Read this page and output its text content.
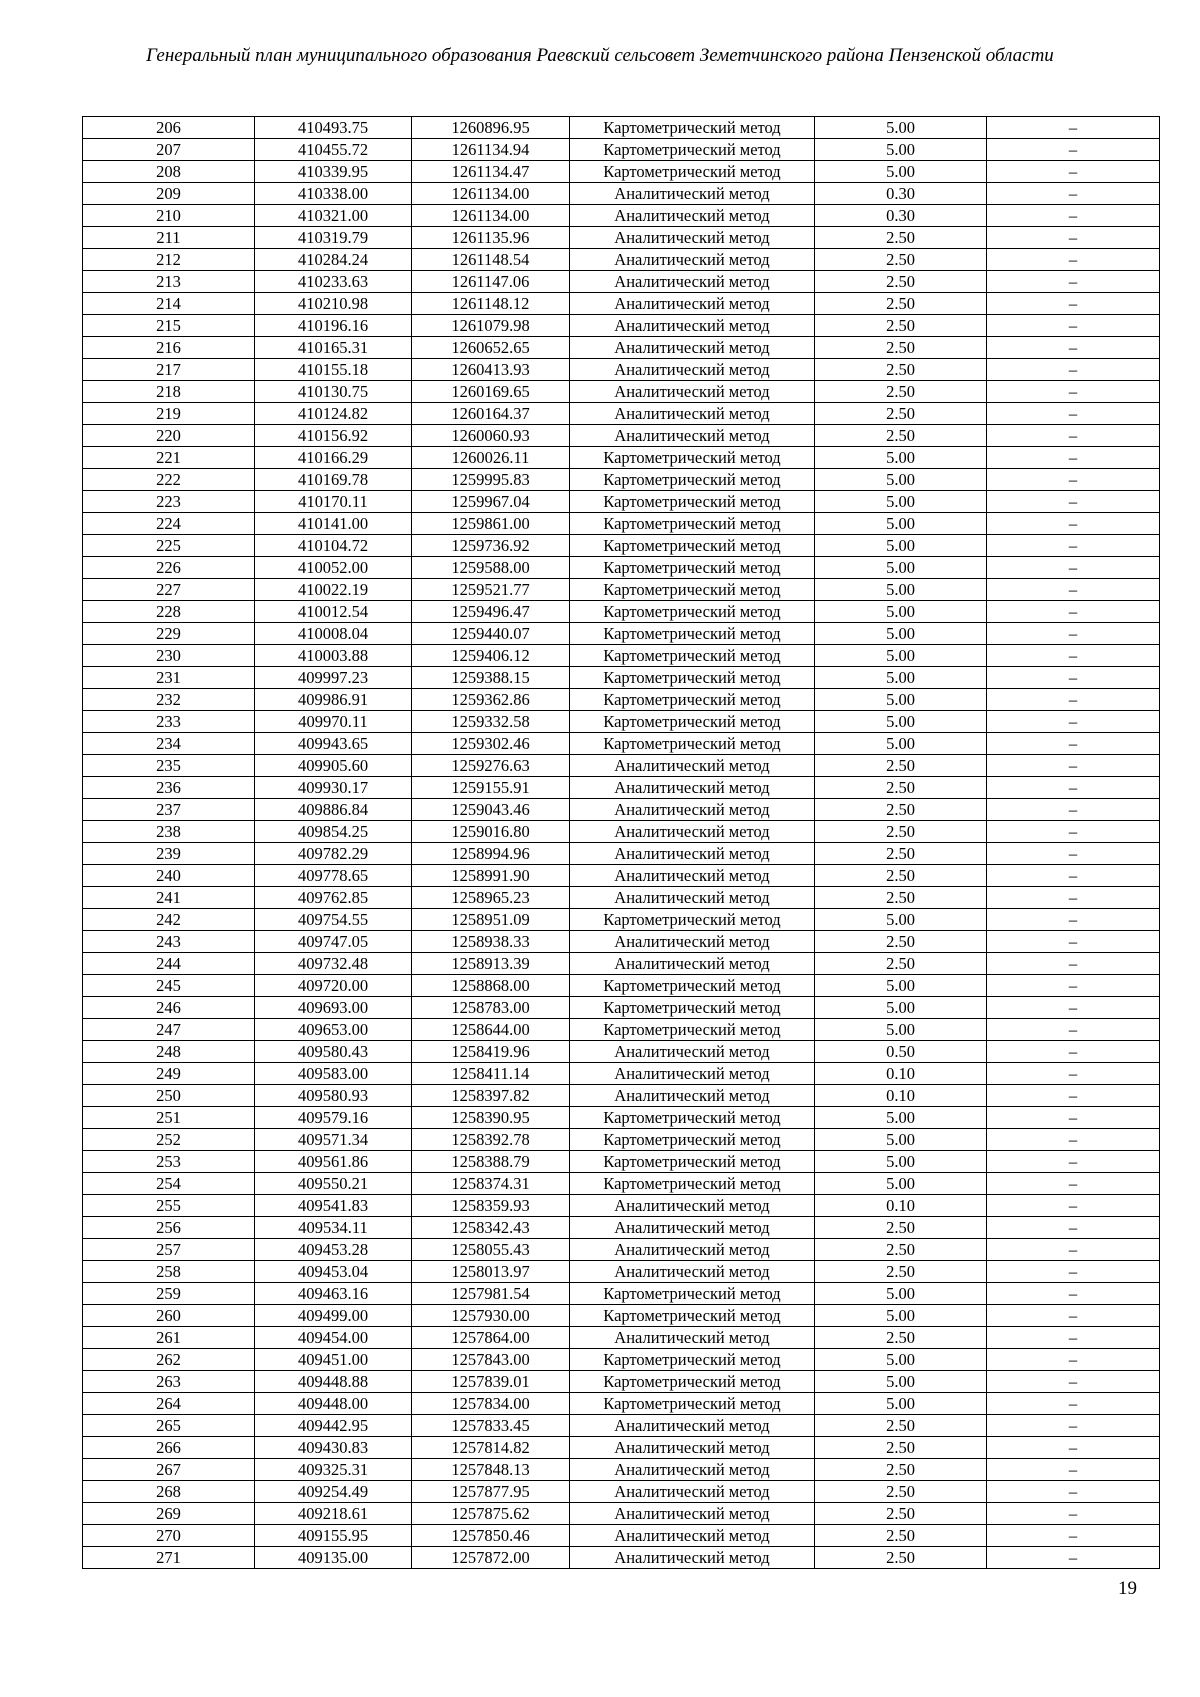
Генеральный план муниципального образования Раевский сельсовет Земетчинского района Пензенской области
206	410493.75	1260896.95	Картометрический метод	5.00	–
207	410455.72	1261134.94	Картометрический метод	5.00	–
208	410339.95	1261134.47	Картометрический метод	5.00	–
209	410338.00	1261134.00	Аналитический метод	0.30	–
210	410321.00	1261134.00	Аналитический метод	0.30	–
211	410319.79	1261135.96	Аналитический метод	2.50	–
212	410284.24	1261148.54	Аналитический метод	2.50	–
213	410233.63	1261147.06	Аналитический метод	2.50	–
214	410210.98	1261148.12	Аналитический метод	2.50	–
215	410196.16	1261079.98	Аналитический метод	2.50	–
216	410165.31	1260652.65	Аналитический метод	2.50	–
217	410155.18	1260413.93	Аналитический метод	2.50	–
218	410130.75	1260169.65	Аналитический метод	2.50	–
219	410124.82	1260164.37	Аналитический метод	2.50	–
220	410156.92	1260060.93	Аналитический метод	2.50	–
221	410166.29	1260026.11	Картометрический метод	5.00	–
222	410169.78	1259995.83	Картометрический метод	5.00	–
223	410170.11	1259967.04	Картометрический метод	5.00	–
224	410141.00	1259861.00	Картометрический метод	5.00	–
225	410104.72	1259736.92	Картометрический метод	5.00	–
226	410052.00	1259588.00	Картометрический метод	5.00	–
227	410022.19	1259521.77	Картометрический метод	5.00	–
228	410012.54	1259496.47	Картометрический метод	5.00	–
229	410008.04	1259440.07	Картометрический метод	5.00	–
230	410003.88	1259406.12	Картометрический метод	5.00	–
231	409997.23	1259388.15	Картометрический метод	5.00	–
232	409986.91	1259362.86	Картометрический метод	5.00	–
233	409970.11	1259332.58	Картометрический метод	5.00	–
234	409943.65	1259302.46	Картометрический метод	5.00	–
235	409905.60	1259276.63	Аналитический метод	2.50	–
236	409930.17	1259155.91	Аналитический метод	2.50	–
237	409886.84	1259043.46	Аналитический метод	2.50	–
238	409854.25	1259016.80	Аналитический метод	2.50	–
239	409782.29	1258994.96	Аналитический метод	2.50	–
240	409778.65	1258991.90	Аналитический метод	2.50	–
241	409762.85	1258965.23	Аналитический метод	2.50	–
242	409754.55	1258951.09	Картометрический метод	5.00	–
243	409747.05	1258938.33	Аналитический метод	2.50	–
244	409732.48	1258913.39	Аналитический метод	2.50	–
245	409720.00	1258868.00	Картометрический метод	5.00	–
246	409693.00	1258783.00	Картометрический метод	5.00	–
247	409653.00	1258644.00	Картометрический метод	5.00	–
248	409580.43	1258419.96	Аналитический метод	0.50	–
249	409583.00	1258411.14	Аналитический метод	0.10	–
250	409580.93	1258397.82	Аналитический метод	0.10	–
251	409579.16	1258390.95	Картометрический метод	5.00	–
252	409571.34	1258392.78	Картометрический метод	5.00	–
253	409561.86	1258388.79	Картометрический метод	5.00	–
254	409550.21	1258374.31	Картометрический метод	5.00	–
255	409541.83	1258359.93	Аналитический метод	0.10	–
256	409534.11	1258342.43	Аналитический метод	2.50	–
257	409453.28	1258055.43	Аналитический метод	2.50	–
258	409453.04	1258013.97	Аналитический метод	2.50	–
259	409463.16	1257981.54	Картометрический метод	5.00	–
260	409499.00	1257930.00	Картометрический метод	5.00	–
261	409454.00	1257864.00	Аналитический метод	2.50	–
262	409451.00	1257843.00	Картометрический метод	5.00	–
263	409448.88	1257839.01	Картометрический метод	5.00	–
264	409448.00	1257834.00	Картометрический метод	5.00	–
265	409442.95	1257833.45	Аналитический метод	2.50	–
266	409430.83	1257814.82	Аналитический метод	2.50	–
267	409325.31	1257848.13	Аналитический метод	2.50	–
268	409254.49	1257877.95	Аналитический метод	2.50	–
269	409218.61	1257875.62	Аналитический метод	2.50	–
270	409155.95	1257850.46	Аналитический метод	2.50	–
271	409135.00	1257872.00	Аналитический метод	2.50	–
19
